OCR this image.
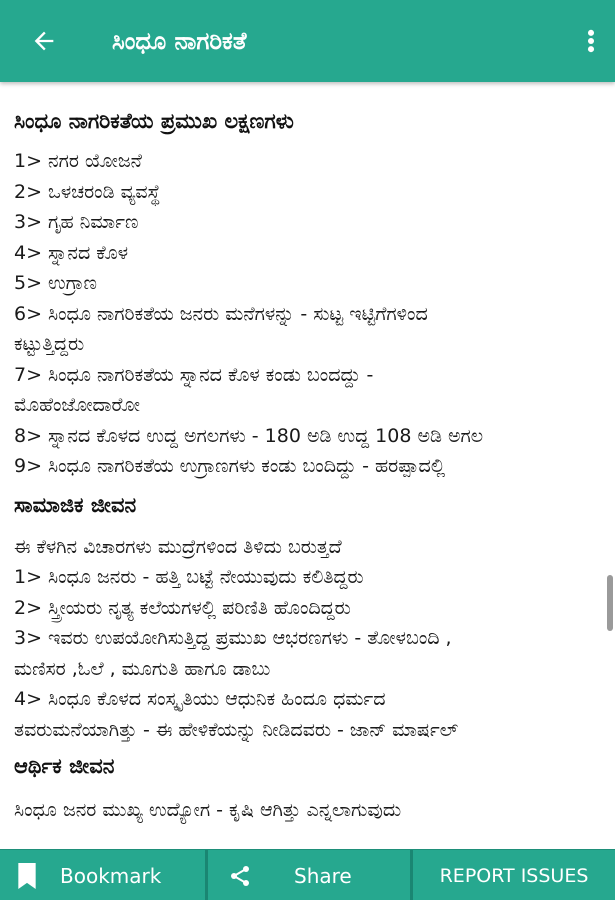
ಸಿಂಧೂ ನಾಗರಿಕತೆ
ಸಿಂಧೂ ನಾಗರಿಕತೆಯ ಪ್ರಮುಖ ಲಕ್ಷಣಗಳು
1> ನಗರ ಯೋಜನೆ
2> ಒಳಚರಂಡಿ ವ್ಯವಸ್ಥೆ
3> ಗೃಹ ನಿರ್ಮಾಣ
4> ಸ್ನಾನದ ಕೊಳ
5> ಉಗ್ರಾಣ
6> ಸಿಂಧೂ ನಾಗರಿಕತೆಯ ಜನರು ಮನೆಗಳನ್ನು - ಸುಟ್ಟ ಇಟ್ಟಿಗೆಗಳಿಂದ
ಕಟ್ಟುತ್ತಿದ್ದರು
7> ಸಿಂಧೂ ನಾಗರಿಕತೆಯ ಸ್ನಾನದ ಕೊಳ ಕಂಡು ಬಂದದ್ದು -
ಮೊಹೆಂಜೋದಾರೋ
8> ಸ್ನಾನದ ಕೊಳದ ಉದ್ದ ಅಗಲಗಳು - 180 ಅಡಿ ಉದ್ದ 108 ಅಡಿ ಅಗಲ
9> ಸಿಂಧೂ ನಾಗರಿಕತೆಯ ಉಗ್ರಾಣಗಳು ಕಂಡು ಬಂದಿದ್ದು - ಹರಪ್ಪಾದಲ್ಲಿ
ಸಾಮಾಜಿಕ ಜೀವನ
ಈ ಕೆಳಗಿನ ವಿಚಾರಗಳು ಮುದ್ರೆಗಳಿಂದ ತಿಳಿದು ಬರುತ್ತದೆ
1> ಸಿಂಧೂ ಜನರು - ಹತ್ತಿ ಬಟ್ಟೆ ನೇಯುವುದು ಕಲಿತಿದ್ದರು
2> ಸ್ತ್ರೀಯರು ನೃತ್ಯ ಕಲೆಯಗಳಲ್ಲಿ ಪರಿಣಿತಿ ಹೊಂದಿದ್ದರು
3> ಇವರು ಉಪಯೋಗಿಸುತ್ತಿದ್ದ ಪ್ರಮುಖ ಆಭರಣಗಳು - ತೋಳಬಂದಿ ,
ಮಣಿಸರ ,ಓಲೆ , ಮೂಗುತಿ ಹಾಗೂ ಡಾಬು
4> ಸಿಂಧೂ ಕೊಳದ ಸಂಸ್ಕೃತಿಯು ಆಧುನಿಕ ಹಿಂದೂ ಧರ್ಮದ
ತವರುಮನೆಯಾಗಿತ್ತು - ಈ ಹೇಳಿಕೆಯನ್ನು ನೀಡಿದವರು - ಜಾನ್ ಮಾರ್ಷಲ್
ಆರ್ಥಿಕ ಜೀವನ
ಸಿಂಧೂ ಜನರ ಮುಖ್ಯ ಉದ್ಯೋಗ - ಕೃಷಿ ಆಗಿತ್ತು ಎನ್ನಲಾಗುವುದು
Bookmark	Share	REPORT ISSUES
